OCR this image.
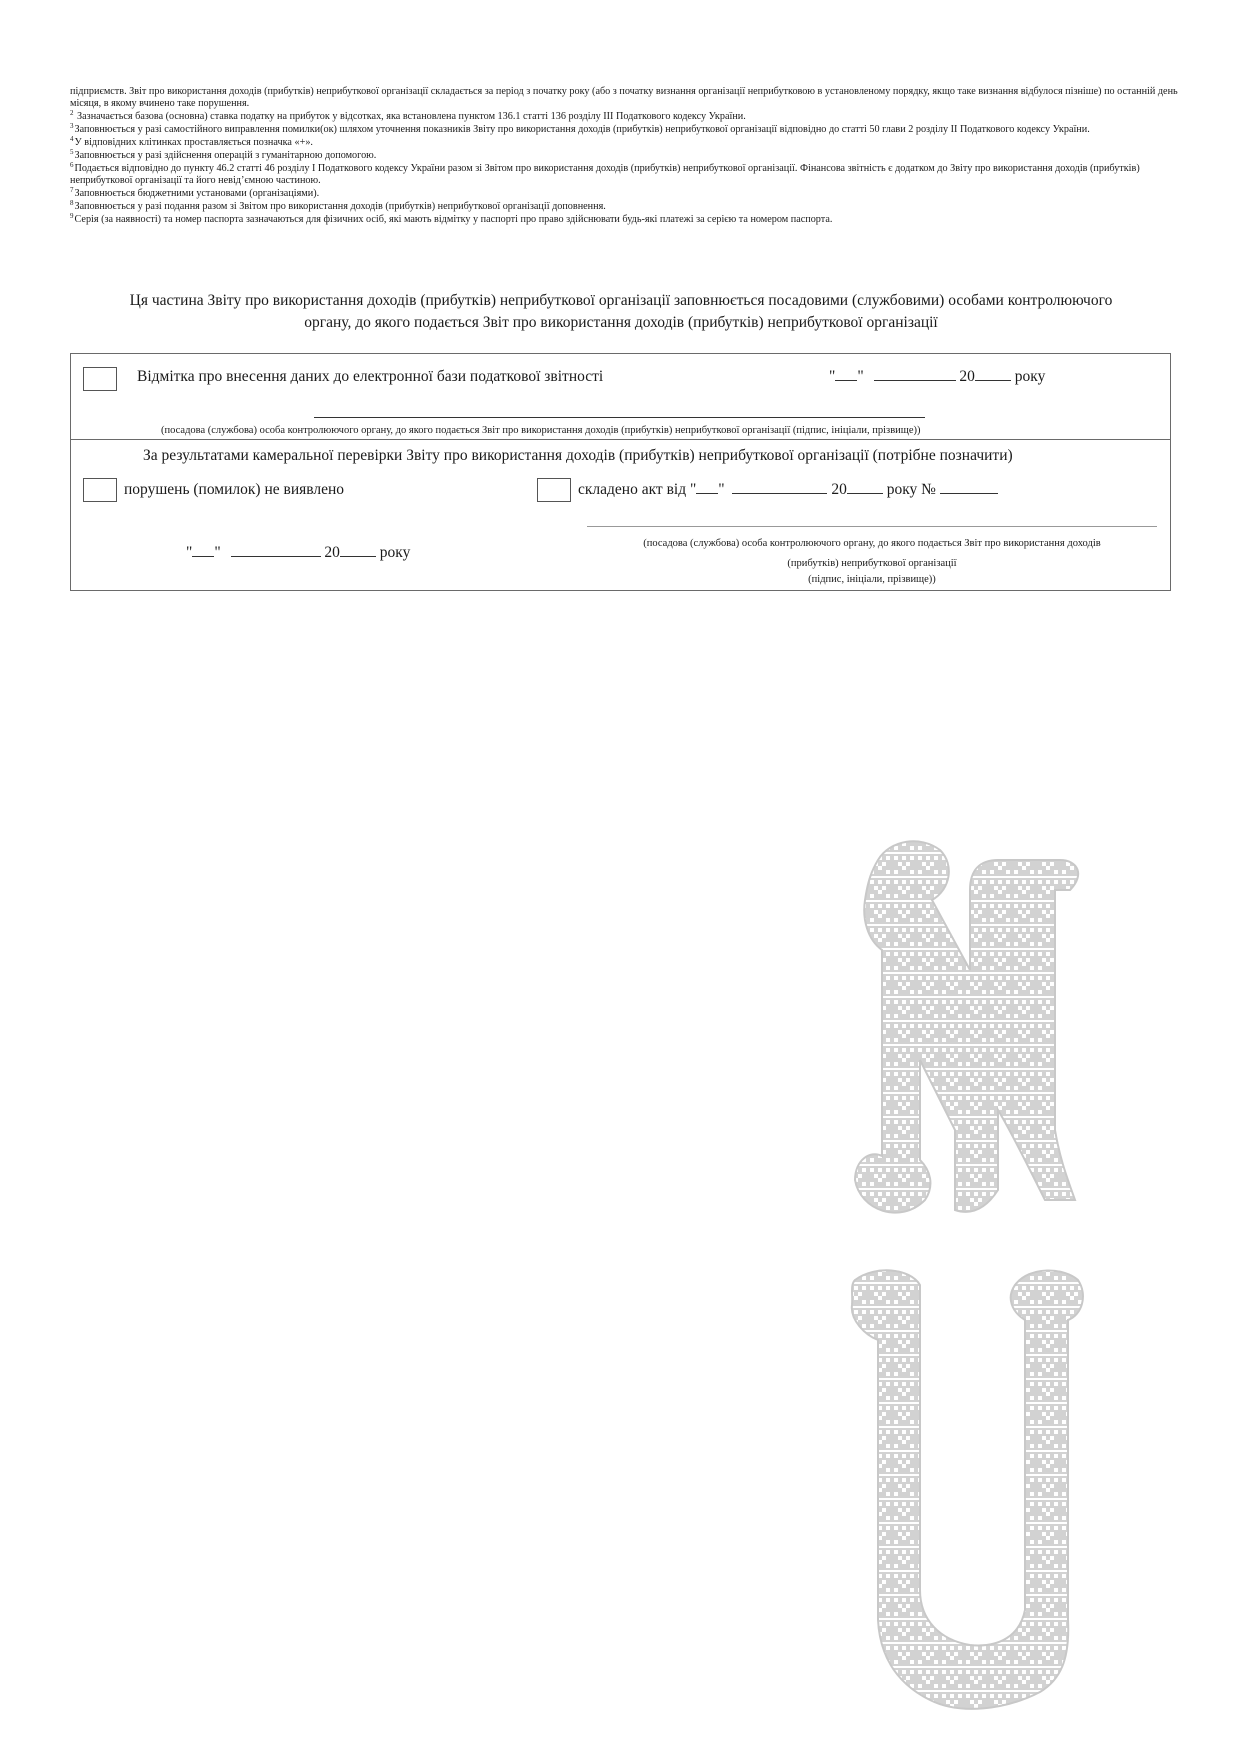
підприємств. Звіт про використання доходів (прибутків) неприбуткової організації складається за період з початку року (або з початку визнання організації неприбутковою в установленому порядку, якщо таке визнання відбулося пізніше) по останній день місяця, в якому вчинено таке порушення.

$^2$ Зазначається базова (основна) ставка податку на прибуток у відсотках, яка встановлена пунктом 136.1 статті 136 розділу III Податкового кодексу України.

$^3$Заповнюється у разі самостійного виправлення помилки(ок) шляхом уточнення показників Звіту про використання доходів (прибутків) неприбуткової організації відповідно до статті 50 глави 2 розділу II Податкового кодексу України.

$^4$У відповідних клітинках проставляється позначка «+».

$^5$Заповнюється у разі здійснення операцій з гуманітарною допомогою.

$^6$Подається відповідно до пункту 46.2 статті 46 розділу I Податкового кодексу України разом зі Звітом про використання доходів (прибутків) неприбуткової організації. Фінансова звітність є додатком до Звіту про використання доходів (прибутків) неприбуткової організації та його невід’ємною частиною.

$^7$Заповнюється бюджетними установами (організаціями).

$^8$Заповнюється у разі подання разом зі Звітом про використання доходів (прибутків) неприбуткової організації доповнення.

$^9$Серія (за наявності) та номер паспорта зазначаються для фізичних осіб, які мають відмітку у паспорті про право здійснювати будь-які платежі за серією та номером паспорта.

Ця частина Звіту про використання доходів (прибутків) неприбуткової організації заповнюється посадовими (службовими) особами контролюючого
органу, до якого подається Звіт про використання доходів (прибутків) неприбуткової організації
Відмітка про внесення даних до електронної бази податкової звітності	" "	20	року
(посадова (службова) особа контролюючого органу, до якого подається Звіт про використання доходів (прибутків) неприбуткової організації (підпис, ініціали, прізвище))
За результатами камеральної перевірки Звіту про використання доходів (прибутків) неприбуткової організації (потрібне позначити)
порушень (помилок) не виявлено	складено акт від " "	20	року №
" "	20	року
(посадова (службова) особа контролюючого органу, до якого подається Звіт про використання доходів
(прибутків) неприбуткової організації
(підпис, ініціали, прізвище))
